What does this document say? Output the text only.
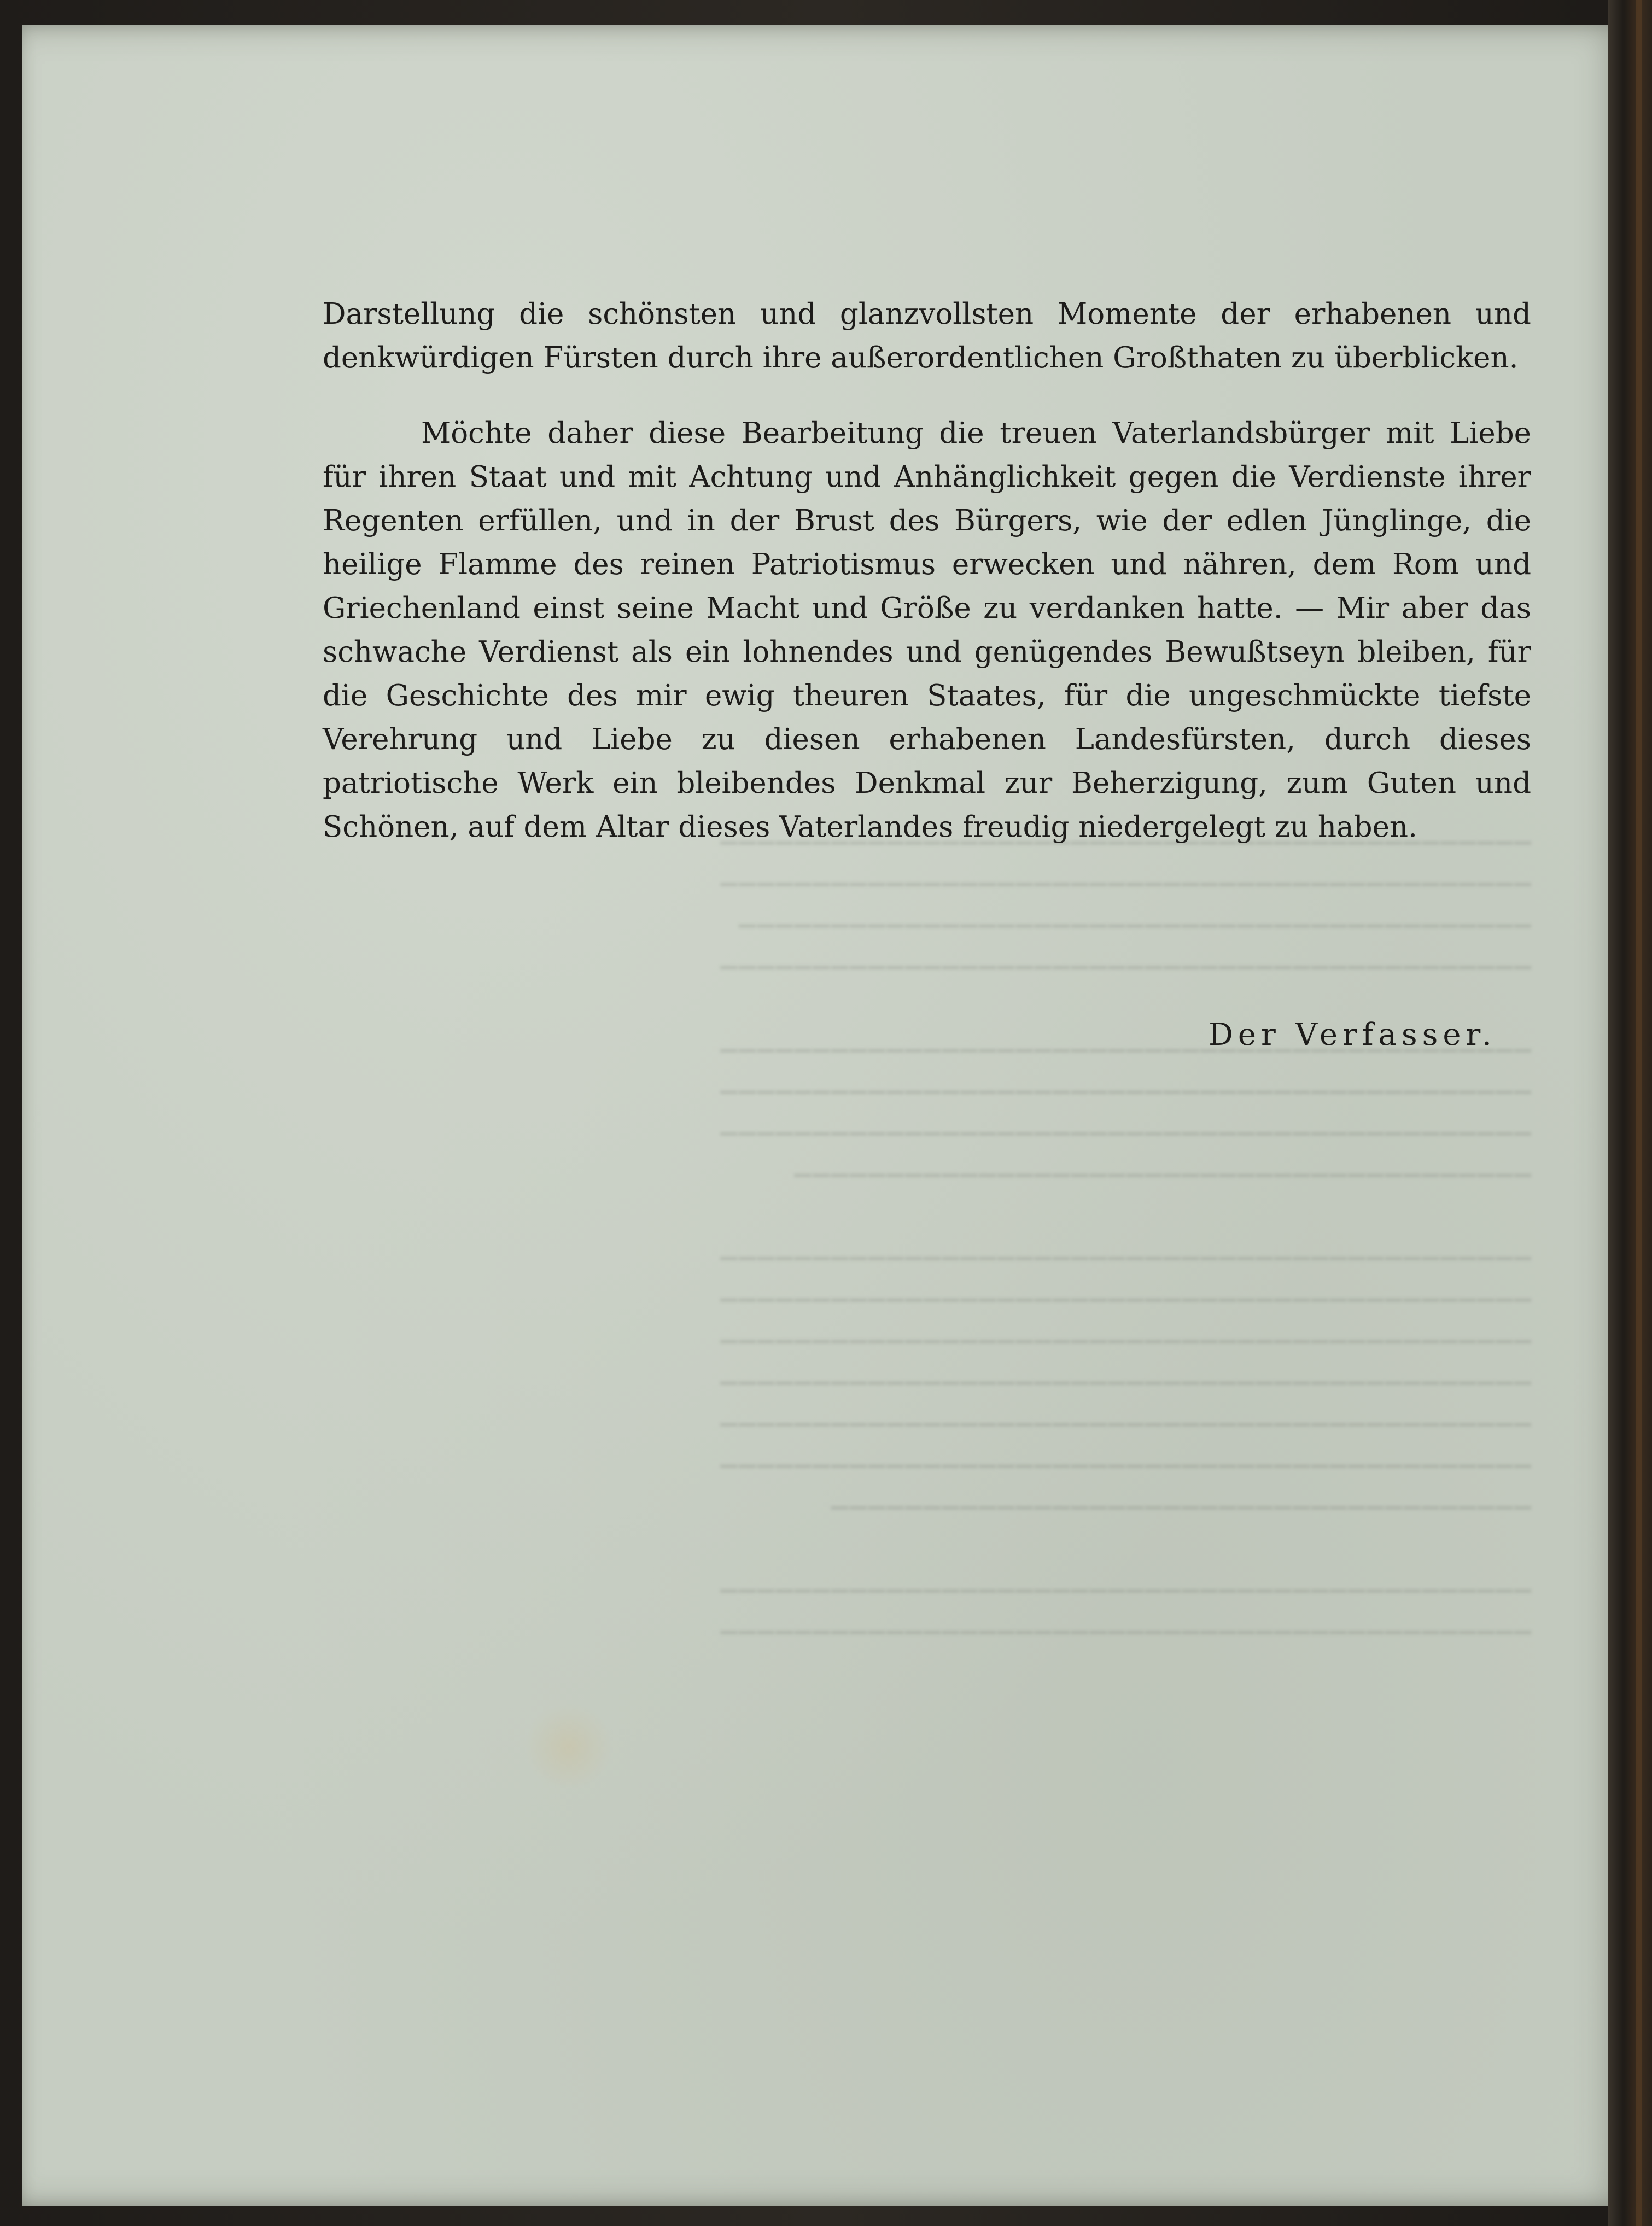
▔▔▔▔▔▔▔▔▔▔▔▔▔▔▔▔▔▔▔▔▔▔▔▔▔▔▔▔▔▔▔▔▔▔▔▔▔▔▔▔▔▔▔▔
▔▔▔▔▔▔▔▔▔▔▔▔▔▔▔▔▔▔▔▔▔▔▔▔▔▔▔▔▔▔▔▔▔▔▔▔▔▔▔▔▔▔▔▔
▔▔▔▔▔▔▔▔▔▔▔▔▔▔▔▔▔▔▔▔▔▔▔▔▔▔▔▔▔▔▔▔▔▔▔▔▔▔▔▔▔▔▔
▔▔▔▔▔▔▔▔▔▔▔▔▔▔▔▔▔▔▔▔▔▔▔▔▔▔▔▔▔▔▔▔▔▔▔▔▔▔▔▔▔▔▔▔

▔▔▔▔▔▔▔▔▔▔▔▔▔▔▔▔▔▔▔▔▔▔▔▔▔▔▔▔▔▔▔▔▔▔▔▔▔▔▔▔▔▔▔▔
▔▔▔▔▔▔▔▔▔▔▔▔▔▔▔▔▔▔▔▔▔▔▔▔▔▔▔▔▔▔▔▔▔▔▔▔▔▔▔▔▔▔▔▔
▔▔▔▔▔▔▔▔▔▔▔▔▔▔▔▔▔▔▔▔▔▔▔▔▔▔▔▔▔▔▔▔▔▔▔▔▔▔▔▔▔▔▔▔
▔▔▔▔▔▔▔▔▔▔▔▔▔▔▔▔▔▔▔▔▔▔▔▔▔▔▔▔▔▔▔▔▔▔▔▔▔▔▔▔

▔▔▔▔▔▔▔▔▔▔▔▔▔▔▔▔▔▔▔▔▔▔▔▔▔▔▔▔▔▔▔▔▔▔▔▔▔▔▔▔▔▔▔▔
▔▔▔▔▔▔▔▔▔▔▔▔▔▔▔▔▔▔▔▔▔▔▔▔▔▔▔▔▔▔▔▔▔▔▔▔▔▔▔▔▔▔▔▔
▔▔▔▔▔▔▔▔▔▔▔▔▔▔▔▔▔▔▔▔▔▔▔▔▔▔▔▔▔▔▔▔▔▔▔▔▔▔▔▔▔▔▔▔
▔▔▔▔▔▔▔▔▔▔▔▔▔▔▔▔▔▔▔▔▔▔▔▔▔▔▔▔▔▔▔▔▔▔▔▔▔▔▔▔▔▔▔▔
▔▔▔▔▔▔▔▔▔▔▔▔▔▔▔▔▔▔▔▔▔▔▔▔▔▔▔▔▔▔▔▔▔▔▔▔▔▔▔▔▔▔▔▔
▔▔▔▔▔▔▔▔▔▔▔▔▔▔▔▔▔▔▔▔▔▔▔▔▔▔▔▔▔▔▔▔▔▔▔▔▔▔▔▔▔▔▔▔
▔▔▔▔▔▔▔▔▔▔▔▔▔▔▔▔▔▔▔▔▔▔▔▔▔▔▔▔▔▔▔▔▔▔▔▔▔▔

▔▔▔▔▔▔▔▔▔▔▔▔▔▔▔▔▔▔▔▔▔▔▔▔▔▔▔▔▔▔▔▔▔▔▔▔▔▔▔▔▔▔▔▔
▔▔▔▔▔▔▔▔▔▔▔▔▔▔▔▔▔▔▔▔▔▔▔▔▔▔▔▔▔▔▔▔▔▔▔▔▔▔▔▔▔▔▔▔

Darstellung die schönsten und glanzvollsten Momente der erhabenen und denkwürdigen Fürsten durch ihre außerordentlichen Großthaten zu überblicken.

Möchte daher diese Bearbeitung die treuen Vaterlandsbürger mit Liebe für ihren Staat und mit Achtung und Anhänglichkeit gegen die Verdienste ihrer Regenten erfüllen, und in der Brust des Bürgers, wie der edlen Jünglinge, die heilige Flamme des reinen Patriotismus erwecken und nähren, dem Rom und Griechenland einst seine Macht und Größe zu verdanken hatte. — Mir aber das schwache Verdienst als ein lohnendes und genügendes Bewußtseyn bleiben, für die Geschichte des mir ewig theuren Staates, für die ungeschmückte tiefste Verehrung und Liebe zu diesen erhabenen Landesfürsten, durch dieses patriotische Werk ein bleibendes Denkmal zur Beherzigung, zum Guten und Schönen, auf dem Altar dieses Vaterlandes freudig niedergelegt zu haben.

Der Verfasser.
